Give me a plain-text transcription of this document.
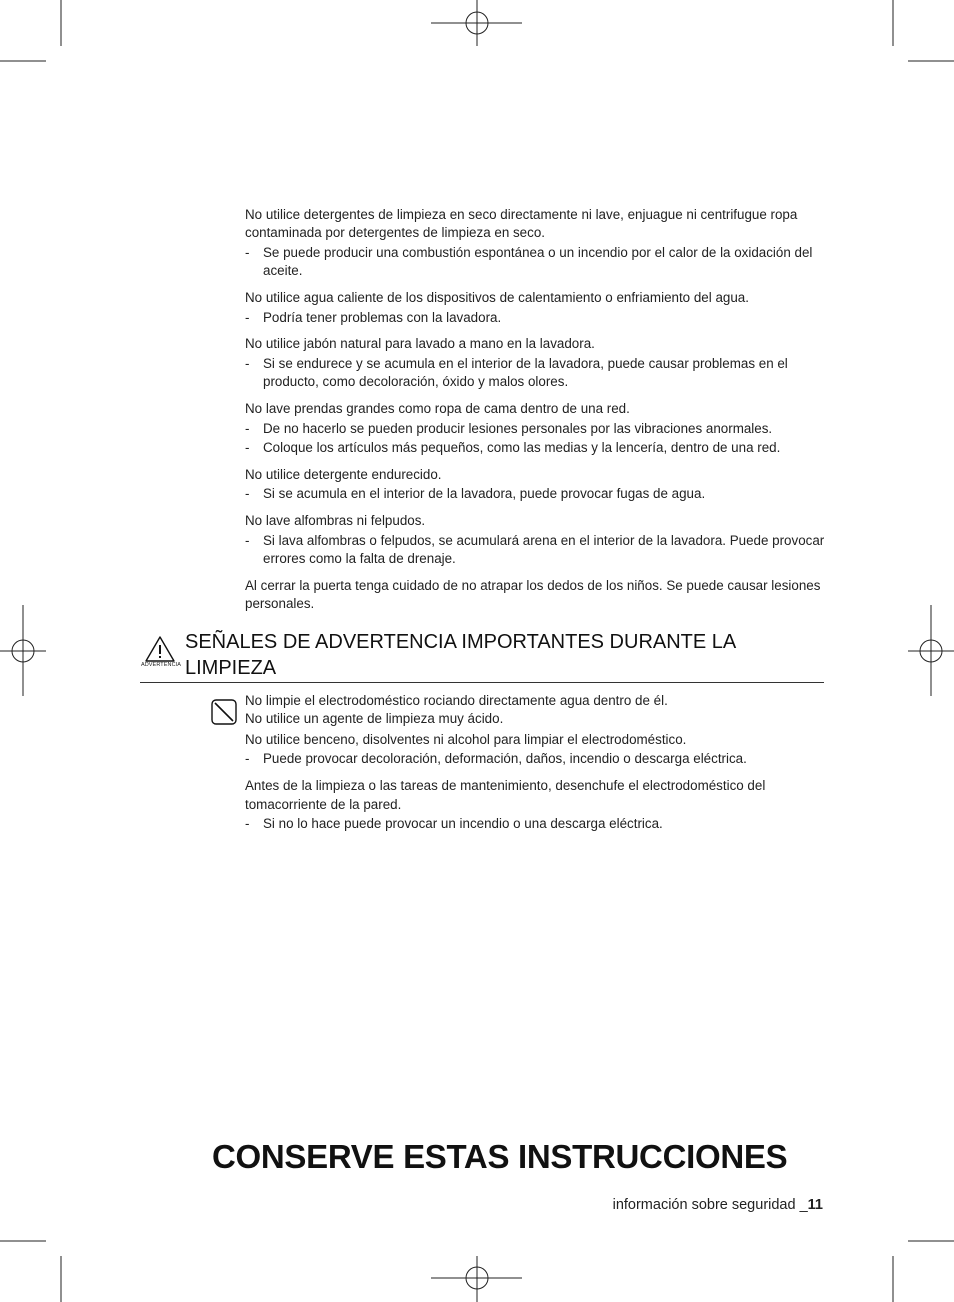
No utilice detergentes de limpieza en seco directamente ni lave, enjuague ni centrifugue ropa contaminada por detergentes de limpieza en seco.

- Se puede producir una combustión espontánea o un incendio por el calor de la oxidación del aceite.

No utilice agua caliente de los dispositivos de calentamiento o enfriamiento del agua.

- Podría tener problemas con la lavadora.

No utilice jabón natural para lavado a mano en la lavadora.

- Si se endurece y se acumula en el interior de la lavadora, puede causar problemas en el producto, como decoloración, óxido y malos olores.

No lave prendas grandes como ropa de cama dentro de una red.

- De no hacerlo se pueden producir lesiones personales por las vibraciones anormales.
- Coloque los artículos más pequeños, como las medias y la lencería, dentro de una red.

No utilice detergente endurecido.

- Si se acumula en el interior de la lavadora, puede provocar fugas de agua.

No lave alfombras ni felpudos.

- Si lava alfombras o felpudos, se acumulará arena en el interior de la lavadora. Puede provocar errores como la falta de drenaje.

Al cerrar la puerta tenga cuidado de no atrapar los dedos de los niños. Se puede causar lesiones personales.

ADVERTENCIA
SEÑALES DE ADVERTENCIA IMPORTANTES DURANTE LA LIMPIEZA

No limpie el electrodoméstico rociando directamente agua dentro de él.

No utilice un agente de limpieza muy ácido.

No utilice benceno, disolventes ni alcohol para limpiar el electrodoméstico.

- Puede provocar decoloración, deformación, daños, incendio o descarga eléctrica.

Antes de la limpieza o las tareas de mantenimiento, desenchufe el electrodoméstico del tomacorriente de la pared.

- Si no lo hace puede provocar un incendio o una descarga eléctrica.
CONSERVE ESTAS INSTRUCCIONES
información sobre seguridad _11
